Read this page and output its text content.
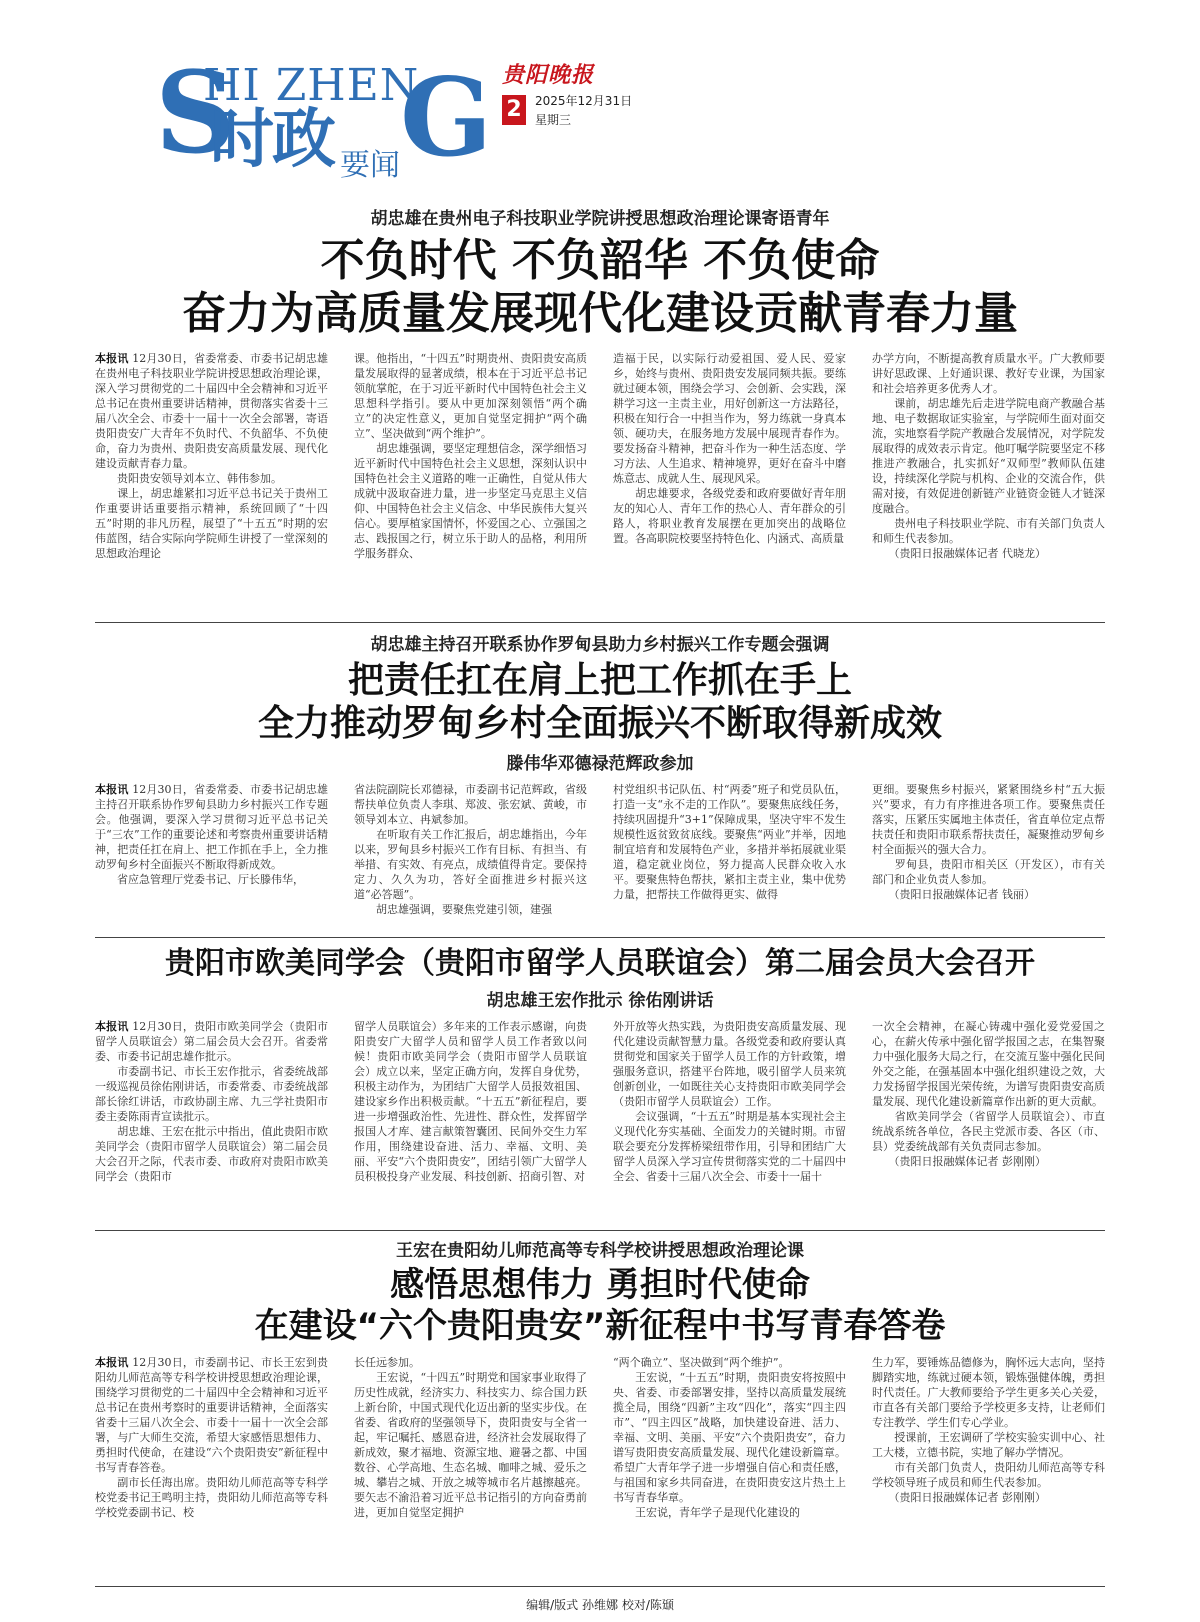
S
HI ZHEN
G
时政 要闻
贵阳晚报
2	2025年12月31日
星期三
胡忠雄在贵州电子科技职业学院讲授思想政治理论课寄语青年
不负时代 不负韶华 不负使命
奋力为高质量发展现代化建设贡献青春力量
本报讯 12月30日，省委常委、市委书记胡忠雄在贵州电子科技职业学院讲授思想政治理论课，深入学习贯彻党的二十届四中全会精神和习近平总书记在贵州重要讲话精神，贯彻落实省委十三届八次全会、市委十一届十一次全会部署，寄语贵阳贵安广大青年不负时代、不负韶华、不负使命，奋力为贵州、贵阳贵安高质量发展、现代化建设贡献青春力量。
　　贵阳贵安领导刘本立、韩伟参加。
　　课上，胡忠雄紧扣习近平总书记关于贵州工作重要讲话重要指示精神，系统回顾了“十四五”时期的非凡历程，展望了“十五五”时期的宏伟蓝图，结合实际向学院师生讲授了一堂深刻的思想政治理论
课。他指出，“十四五”时期贵州、贵阳贵安高质量发展取得的显著成绩，根本在于习近平总书记领航掌舵，在于习近平新时代中国特色社会主义思想科学指引。要从中更加深刻领悟“两个确立”的决定性意义，更加自觉坚定拥护“两个确立”、坚决做到“两个维护”。
　　胡忠雄强调，要坚定理想信念，深学细悟习近平新时代中国特色社会主义思想，深刻认识中国特色社会主义道路的唯一正确性，自觉从伟大成就中汲取奋进力量，进一步坚定马克思主义信仰、中国特色社会主义信念、中华民族伟大复兴信心。要厚植家国情怀，怀爱国之心、立强国之志、践报国之行，树立乐于助人的品格，利用所学服务群众、
造福于民，以实际行动爱祖国、爱人民、爱家乡，始终与贵州、贵阳贵安发展同频共振。要练就过硬本领，围绕会学习、会创新、会实践，深耕学习这一主责主业，用好创新这一方法路径，积极在知行合一中担当作为，努力练就一身真本领、硬功夫，在服务地方发展中展现青春作为。要发扬奋斗精神，把奋斗作为一种生活态度、学习方法、人生追求、精神境界，更好在奋斗中磨炼意志、成就人生、展现风采。
　　胡忠雄要求，各级党委和政府要做好青年朋友的知心人、青年工作的热心人、青年群众的引路人，将职业教育发展摆在更加突出的战略位置。各高职院校要坚持特色化、内涵式、高质量
办学方向，不断提高教育质量水平。广大教师要讲好思政课、上好通识课、教好专业课，为国家和社会培养更多优秀人才。
　　课前，胡忠雄先后走进学院电商产教融合基地、电子数据取证实验室，与学院师生面对面交流，实地察看学院产教融合发展情况，对学院发展取得的成效表示肯定。他叮嘱学院要坚定不移推进产教融合，扎实抓好“双师型”教师队伍建设，持续深化学院与机构、企业的交流合作，供需对接，有效促进创新链产业链资金链人才链深度融合。
　　贵州电子科技职业学院、市有关部门负责人和师生代表参加。
　　（贵阳日报融媒体记者 代晓龙）
胡忠雄主持召开联系协作罗甸县助力乡村振兴工作专题会强调
把责任扛在肩上把工作抓在手上
全力推动罗甸乡村全面振兴不断取得新成效
滕伟华邓德禄范辉政参加
本报讯 12月30日，省委常委、市委书记胡忠雄主持召开联系协作罗甸县助力乡村振兴工作专题会。他强调，要深入学习贯彻习近平总书记关于“三农”工作的重要论述和考察贵州重要讲话精神，把责任扛在肩上、把工作抓在手上，全力推动罗甸乡村全面振兴不断取得新成效。
　　省应急管理厅党委书记、厅长滕伟华，
省法院副院长邓德禄，市委副书记范辉政，省级帮扶单位负责人李琪、郑波、张宏斌、黄峻，市领导刘本立、冉斌参加。
　　在听取有关工作汇报后，胡忠雄指出，今年以来，罗甸县乡村振兴工作有目标、有担当、有举措、有实效、有亮点，成绩值得肯定。要保持定力、久久为功，答好全面推进乡村振兴这道“必答题”。
　　胡忠雄强调，要聚焦党建引领，建强
村党组织书记队伍、村“两委”班子和党员队伍，打造一支“永不走的工作队”。要聚焦底线任务，持续巩固提升“3+1”保障成果，坚决守牢不发生规模性返贫致贫底线。要聚焦“两业”并举，因地制宜培育和发展特色产业，多措并举拓展就业渠道，稳定就业岗位，努力提高人民群众收入水平。要聚焦特色帮扶，紧扣主责主业，集中优势力量，把帮扶工作做得更实、做得
更细。要聚焦乡村振兴，紧紧围绕乡村“五大振兴”要求，有力有序推进各项工作。要聚焦责任落实，压紧压实属地主体责任，省直单位定点帮扶责任和贵阳市联系帮扶责任，凝聚推动罗甸乡村全面振兴的强大合力。
　　罗甸县，贵阳市相关区（开发区），市有关部门和企业负责人参加。
　　（贵阳日报融媒体记者 钱丽）
贵阳市欧美同学会（贵阳市留学人员联谊会）第二届会员大会召开
胡忠雄王宏作批示 徐佑刚讲话
本报讯 12月30日，贵阳市欧美同学会（贵阳市留学人员联谊会）第二届会员大会召开。省委常委、市委书记胡忠雄作批示。
　　市委副书记、市长王宏作批示，省委统战部一级巡视员徐佑刚讲话，市委常委、市委统战部部长徐红讲话，市政协副主席、九三学社贵阳市委主委陈雨青宣读批示。
　　胡忠雄、王宏在批示中指出，值此贵阳市欧美同学会（贵阳市留学人员联谊会）第二届会员大会召开之际，代表市委、市政府对贵阳市欧美同学会（贵阳市
留学人员联谊会）多年来的工作表示感谢，向贵阳贵安广大留学人员和留学人员工作者致以问候！贵阳市欧美同学会（贵阳市留学人员联谊会）成立以来，坚定正确方向，发挥自身优势，积极主动作为，为团结广大留学人员报效祖国、建设家乡作出积极贡献。“十五五”新征程启，要进一步增强政治性、先进性、群众性，发挥留学报国人才库、建言献策智囊团、民间外交生力军作用，围绕建设奋进、活力、幸福、文明、美丽、平安“六个贵阳贵安”，团结引领广大留学人员积极投身产业发展、科技创新、招商引智、对
外开放等火热实践，为贵阳贵安高质量发展、现代化建设贡献智慧力量。各级党委和政府要认真贯彻党和国家关于留学人员工作的方针政策，增强服务意识，搭建平台阵地，吸引留学人员来筑创新创业，一如既往关心支持贵阳市欧美同学会（贵阳市留学人员联谊会）工作。
　　会议强调，“十五五”时期是基本实现社会主义现代化夯实基础、全面发力的关键时期。市留联会要充分发挥桥梁纽带作用，引导和团结广大留学人员深入学习宣传贯彻落实党的二十届四中全会、省委十三届八次全会、市委十一届十
一次全会精神，在凝心铸魂中强化爱党爱国之心，在薪火传承中强化留学报国之志，在集智聚力中强化服务大局之行，在交流互鉴中强化民间外交之能，在强基固本中强化组织建设之效，大力发扬留学报国光荣传统，为谱写贵阳贵安高质量发展、现代化建设新篇章作出新的更大贡献。
　　省欧美同学会（省留学人员联谊会）、市直统战系统各单位，各民主党派市委、各区（市、县）党委统战部有关负责同志参加。
　　（贵阳日报融媒体记者 彭刚刚）
王宏在贵阳幼儿师范高等专科学校讲授思想政治理论课
感悟思想伟力 勇担时代使命
在建设“六个贵阳贵安”新征程中书写青春答卷
本报讯 12月30日，市委副书记、市长王宏到贵阳幼儿师范高等专科学校讲授思想政治理论课，围绕学习贯彻党的二十届四中全会精神和习近平总书记在贵州考察时的重要讲话精神，全面落实省委十三届八次全会、市委十一届十一次全会部署，与广大师生交流，希望大家感悟思想伟力、勇担时代使命，在建设“六个贵阳贵安”新征程中书写青春答卷。
　　副市长任海出席。贵阳幼儿师范高等专科学校党委书记王鸣明主持，贵阳幼儿师范高等专科学校党委副书记、校
长任远参加。
　　王宏说，“十四五”时期党和国家事业取得了历史性成就，经济实力、科技实力、综合国力跃上新台阶，中国式现代化迈出新的坚实步伐。在省委、省政府的坚强领导下，贵阳贵安与全省一起，牢记嘱托、感恩奋进，经济社会发展取得了新成效，聚才福地、资源宝地、避暑之都、中国数谷、心学高地、生态名城、咖啡之城、爱乐之城、攀岩之城、开放之城等城市名片越擦越亮。要矢志不渝沿着习近平总书记指引的方向奋勇前进，更加自觉坚定拥护
“两个确立”、坚决做到“两个维护”。
　　王宏说，“十五五”时期，贵阳贵安将按照中央、省委、市委部署安排，坚持以高质量发展统揽全局，围绕“四新”主攻“四化”，落实“四主四市”、“四主四区”战略，加快建设奋进、活力、幸福、文明、美丽、平安“六个贵阳贵安”，奋力谱写贵阳贵安高质量发展、现代化建设新篇章。希望广大青年学子进一步增强自信心和责任感，与祖国和家乡共同奋进，在贵阳贵安这片热土上书写青春华章。
　　王宏说，青年学子是现代化建设的
生力军，要锤炼品德修为，胸怀远大志向，坚持脚踏实地，练就过硬本领，锻炼强健体魄，勇担时代责任。广大教师要给予学生更多关心关爱，市直各有关部门要给予学校更多支持，让老师们专注教学、学生们专心学业。
　　授课前，王宏调研了学校实验实训中心、社工大楼，立德书院，实地了解办学情况。
　　市有关部门负责人，贵阳幼儿师范高等专科学校领导班子成员和师生代表参加。
　　（贵阳日报融媒体记者 彭刚刚）
编辑/版式 孙维娜 校对/陈颋
